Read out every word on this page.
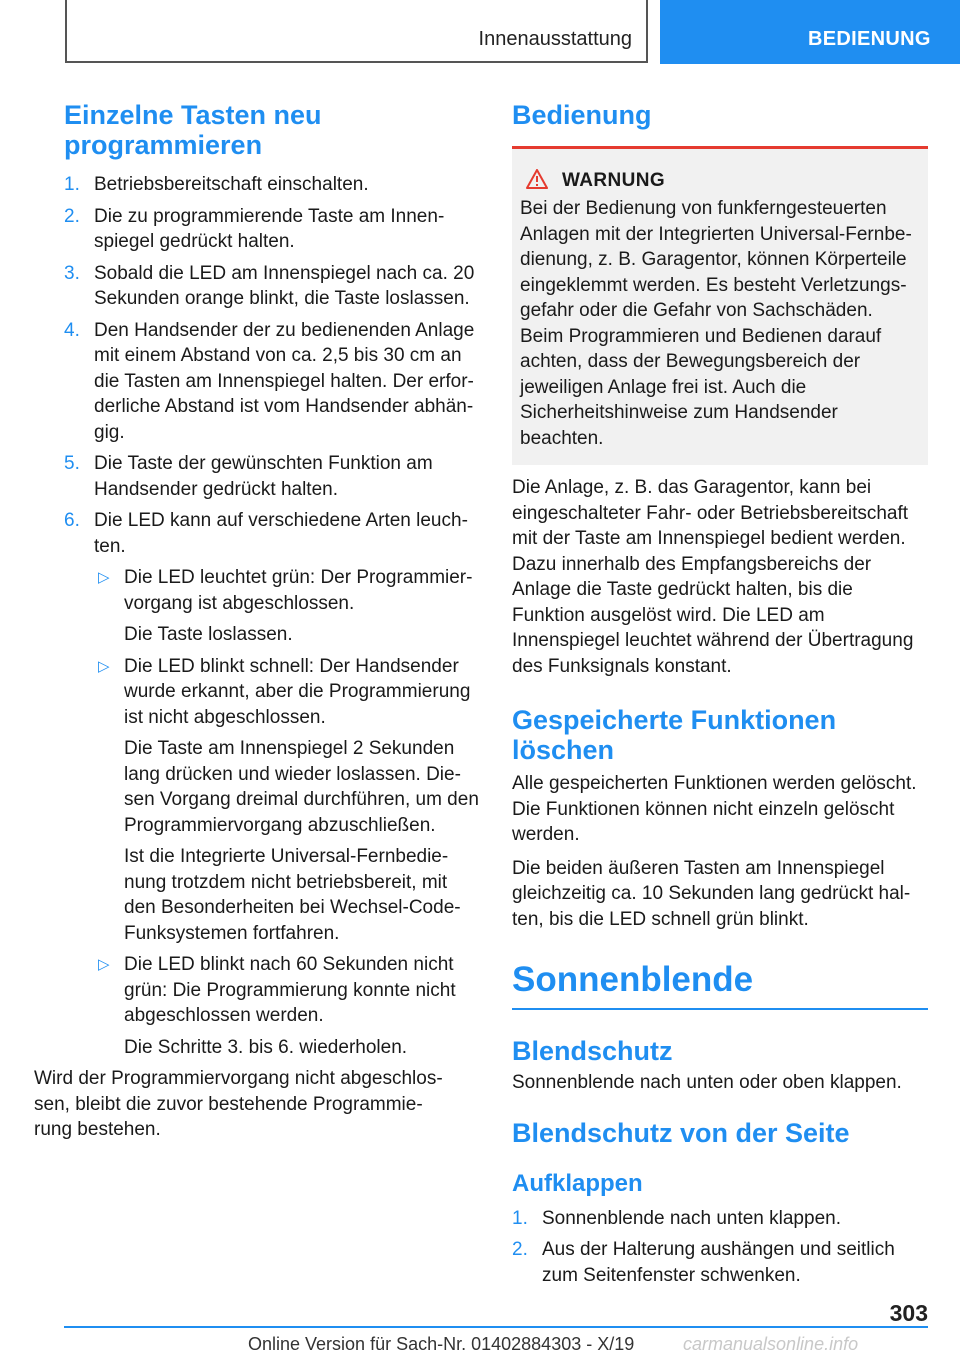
Innenausstattung	BEDIENUNG
Einzelne Tasten neu programmieren
1. Betriebsbereitschaft einschalten.
2. Die zu programmierende Taste am Innenspiegel gedrückt halten.
3. Sobald die LED am Innenspiegel nach ca. 20 Sekunden orange blinkt, die Taste loslassen.
4. Den Handsender der zu bedienenden Anlage mit einem Abstand von ca. 2,5 bis 30 cm an die Tasten am Innenspiegel halten. Der erforderliche Abstand ist vom Handsender abhängig.
5. Die Taste der gewünschten Funktion am Handsender gedrückt halten.
6. Die LED kann auf verschiedene Arten leuchten.
▷ Die LED leuchtet grün: Der Programmiervorgang ist abgeschlossen.

Die Taste loslassen.

▷ Die LED blinkt schnell: Der Handsender wurde erkannt, aber die Programmierung ist nicht abgeschlossen.

Die Taste am Innenspiegel 2 Sekunden lang drücken und wieder loslassen. Diesen Vorgang dreimal durchführen, um den Programmiervorgang abzuschließen.

Ist die Integrierte Universal-Fernbedienung trotzdem nicht betriebsbereit, mit den Besonderheiten bei Wechsel-Code-Funksystemen fortfahren.

▷ Die LED blinkt nach 60 Sekunden nicht grün: Die Programmierung konnte nicht abgeschlossen werden.

Die Schritte 3. bis 6. wiederholen.

Wird der Programmiervorgang nicht abgeschlossen, bleibt die zuvor bestehende Programmierung bestehen.

Bedienung
WARNUNG

Bei der Bedienung von funkferngesteuerten Anlagen mit der Integrierten Universal-Fernbedienung, z. B. Garagentor, können Körperteile eingeklemmt werden. Es besteht Verletzungsgefahr oder die Gefahr von Sachschäden. Beim Programmieren und Bedienen darauf achten, dass der Bewegungsbereich der jeweiligen Anlage frei ist. Auch die Sicherheitshinweise zum Handsender beachten.

Die Anlage, z. B. das Garagentor, kann bei eingeschalteter Fahr- oder Betriebsbereitschaft mit der Taste am Innenspiegel bedient werden. Dazu innerhalb des Empfangsbereichs der Anlage die Taste gedrückt halten, bis die Funktion ausgelöst wird. Die LED am Innenspiegel leuchtet während der Übertragung des Funksignals konstant.

Gespeicherte Funktionen löschen

Alle gespeicherten Funktionen werden gelöscht. Die Funktionen können nicht einzeln gelöscht werden.

Die beiden äußeren Tasten am Innenspiegel gleichzeitig ca. 10 Sekunden lang gedrückt halten, bis die LED schnell grün blinkt.

Sonnenblende
Blendschutz

Sonnenblende nach unten oder oben klappen.

Blendschutz von der Seite
Aufklappen
1. Sonnenblende nach unten klappen.
2. Aus der Halterung aushängen und seitlich zum Seitenfenster schwenken.
303
Online Version für Sach-Nr. 01402884303 - X/19	carmanualsonline.info
